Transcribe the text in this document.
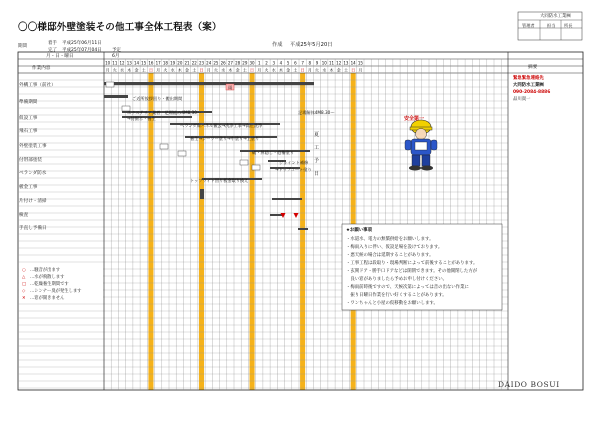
10
月
11
火
12
水
13
木
14
金
15
土
16
日
17
月
18
火
19
水
20
木
21
金
22
土
23
日
24
月
25
火
26
水
27
木
28
金
29
土
30
日
1
月
2
火
3
水
4
木
5
金
6
土
7
日
8
月
9
火
10
水
11
木
12
金
13
土
14
日
15
月
〇〇様邸外壁塗装その他工事全体工程表（案）
期間
着手 平成25年06月11日
完了 平成25年07月04日 予定
作成 平成25年5月20日
大同防水工業㈱
管理者	担当 所長
月・日・曜日
作業内容	摘要
6月
外構工事（前社）
準備期間
仮設工事
飛石工事
外壁塗装工事
付帯部塗装
ベランダ防水
板金工事
片付け・清掃
検査
手直し予備日
雨
ご近所挨拶回り・搬出期間
エクステリア業者　足場組み4M8.30～
→持掘る・養生
ベランダ床パネル撤去→洗浄工事→高圧洗浄
足場解体4M8.30～
養生→シーラー塗り→中塗り→上塗り
破・鼻隠し・庭柵塗り
ジョイント補修
→トップコート塗り
トップライト回り板金取り換え
夏
工
予
日
緊急緊急連絡先
大同防水工業㈱
090-2084-8886
品川貴一
安全第一
…騒音が出ます
…水が飛散します
…乾燥養生期間です
…シンナー臭が発生します
…窓が開きません
○
△
□
◇
✕
★お願い事項
・水道水、電力の無償供給をお願いします。
・梅雨入りに伴い、仮設足場を設けております。
・悪天候の場合は延期することがあります。
・工事工程は段取り・現場判断によって前後することがあります。
・玄関ドア・勝手口ドアなどは開閉できます。その他開閉した方が
　良い窓がありましたら予めお申し付けください。
・梅雨前時後ですので、天候次第によっては音の出ない作業に
　振り日曜日作業を行い好くすることがあります。
・ワンちゃんと小屋の仮移動をお願いします。
DAIDO BOSUI
